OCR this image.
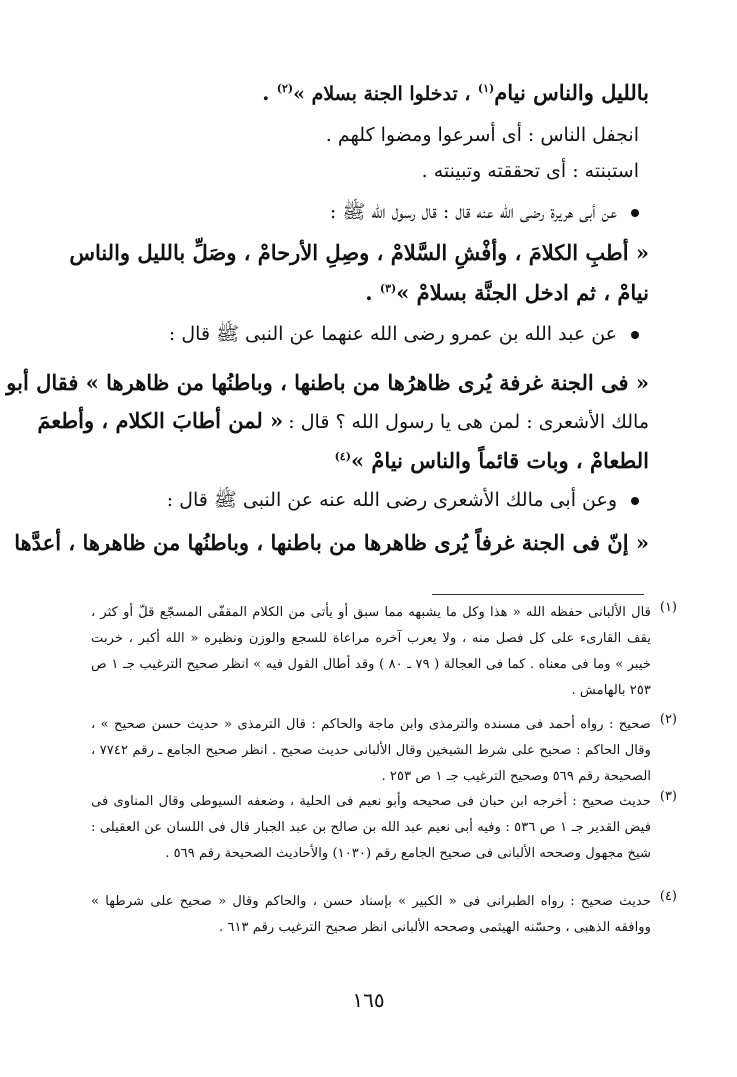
بالليل والناس نيام$^{(١)}$ ، تدخلوا الجنة بسلام »$^{(٢)}$ .
انجفل الناس : أى أسرعوا ومضوا كلهم .
استبنته : أى تحققته وتبينته .
عن أبى هريرة رضى الله عنه قال : قال رسول الله ﷺ :
« أطبِ الكلامَ ، وأفْشِ السَّلامْ ، وصِلِ الأرحامْ ، وصَلِّ بالليل والناس
نيامْ ، ثم ادخل الجنَّة بسلامْ »$^{(٣)}$ .
عن عبد الله بن عمرو رضى الله عنهما عن النبى ﷺ قال :
« فى الجنة غرفة يُرى ظاهرُها من باطنها ، وباطنُها من ظاهرها » فقال أبو
مالك الأشعرى : لمن هى يا رسول الله ؟ قال : « لمن أطابَ الكلام ، وأطعمَ
الطعامْ ، وبات قائماً والناس نيامْ »$^{(٤)}$
وعن أبى مالك الأشعرى رضى الله عنه عن النبى ﷺ قال :
« إنّ فى الجنة غرفاً يُرى ظاهرها من باطنها ، وباطنُها من ظاهرها ، أعدَّها
(١)
قال الألبانى حفظه الله « هذا وكل ما يشبهه مما سبق أو يأتى من الكلام المقفّى المسجّع قلّ أو كثر ، يقف القارىء على كل فصل منه ، ولا يعرب آخره مراعاة للسجع والوزن ونظيره « الله أكبر ، خربت خيبر » وما فى معناه . كما فى العجالة ( ٧٩ ـ ٨٠ ) وقد أطال القول فيه » انظر صحيح الترغيب جـ ١ ص ٢٥٣ بالهامش .
(٢)
صحيح : رواه أحمد فى مسنده والترمذى وابن ماجة والحاكم : قال الترمذى « حديث حسن صحيح » ، وقال الحاكم : صحيح على شرط الشيخين وقال الألبانى حديث صحيح . انظر صحيح الجامع ـ رقم ٧٧٤٢ ، الصحيحة رقم ٥٦٩ وصحيح الترغيب جـ ١ ص ٢٥٣ .
(٣)
حديث صحيح : أخرجه ابن حبان فى صحيحه وأبو نعيم فى الحلية ، وضعفه السيوطى وقال المناوى فى فيض القدير جـ ١ ص ٥٣٦ : وفيه أبى نعيم عبد الله بن صالح بن عبد الجبار قال فى اللسان عن العقيلى : شيخ مجهول وصححه الألبانى فى صحيح الجامع رقم (١٠٣٠) والأحاديث الصحيحة رقم ٥٦٩ .
(٤)
حديث صحيح : رواه الطبرانى فى « الكبير » بإسناد حسن ، والحاكم وقال « صحيح على شرطها » ووافقه الذهبى ، وحسّنه الهيثمى وصححه الألبانى انظر صحيح الترغيب رقم ٦١٣ .
١٦٥
